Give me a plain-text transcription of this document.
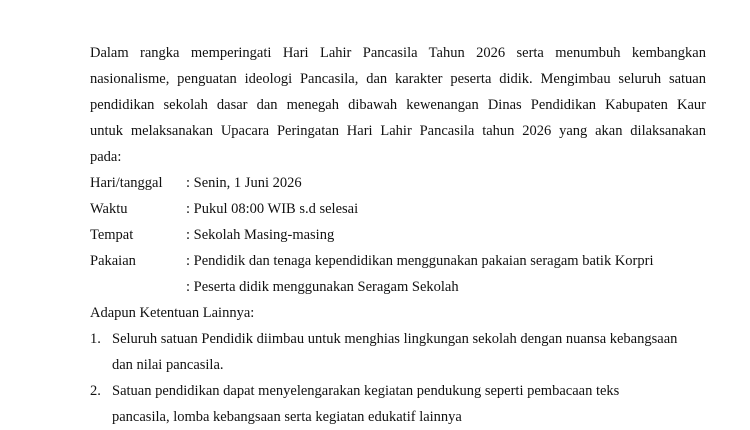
Dalam rangka memperingati Hari Lahir Pancasila Tahun 2026 serta menumbuh kembangkan
nasionalisme, penguatan ideologi Pancasila, dan karakter peserta didik. Mengimbau seluruh satuan
pendidikan sekolah dasar dan menegah dibawah kewenangan Dinas Pendidikan Kabupaten Kaur
untuk melaksanakan Upacara Peringatan Hari Lahir Pancasila tahun 2026 yang akan dilaksanakan
pada:
Hari/tanggal	: Senin, 1 Juni 2026
Waktu	: Pukul 08:00 WIB s.d selesai
Tempat	: Sekolah Masing-masing
Pakaian	: Pendidik dan tenaga kependidikan menggunakan pakaian seragam batik Korpri
: Peserta didik menggunakan Seragam Sekolah
Adapun Ketentuan Lainnya:
1. Seluruh satuan Pendidik diimbau untuk menghias lingkungan sekolah dengan nuansa kebangsaan
dan nilai pancasila.
2. Satuan pendidikan dapat menyelengarakan kegiatan pendukung seperti pembacaan teks
pancasila, lomba kebangsaan serta kegiatan edukatif lainnya
